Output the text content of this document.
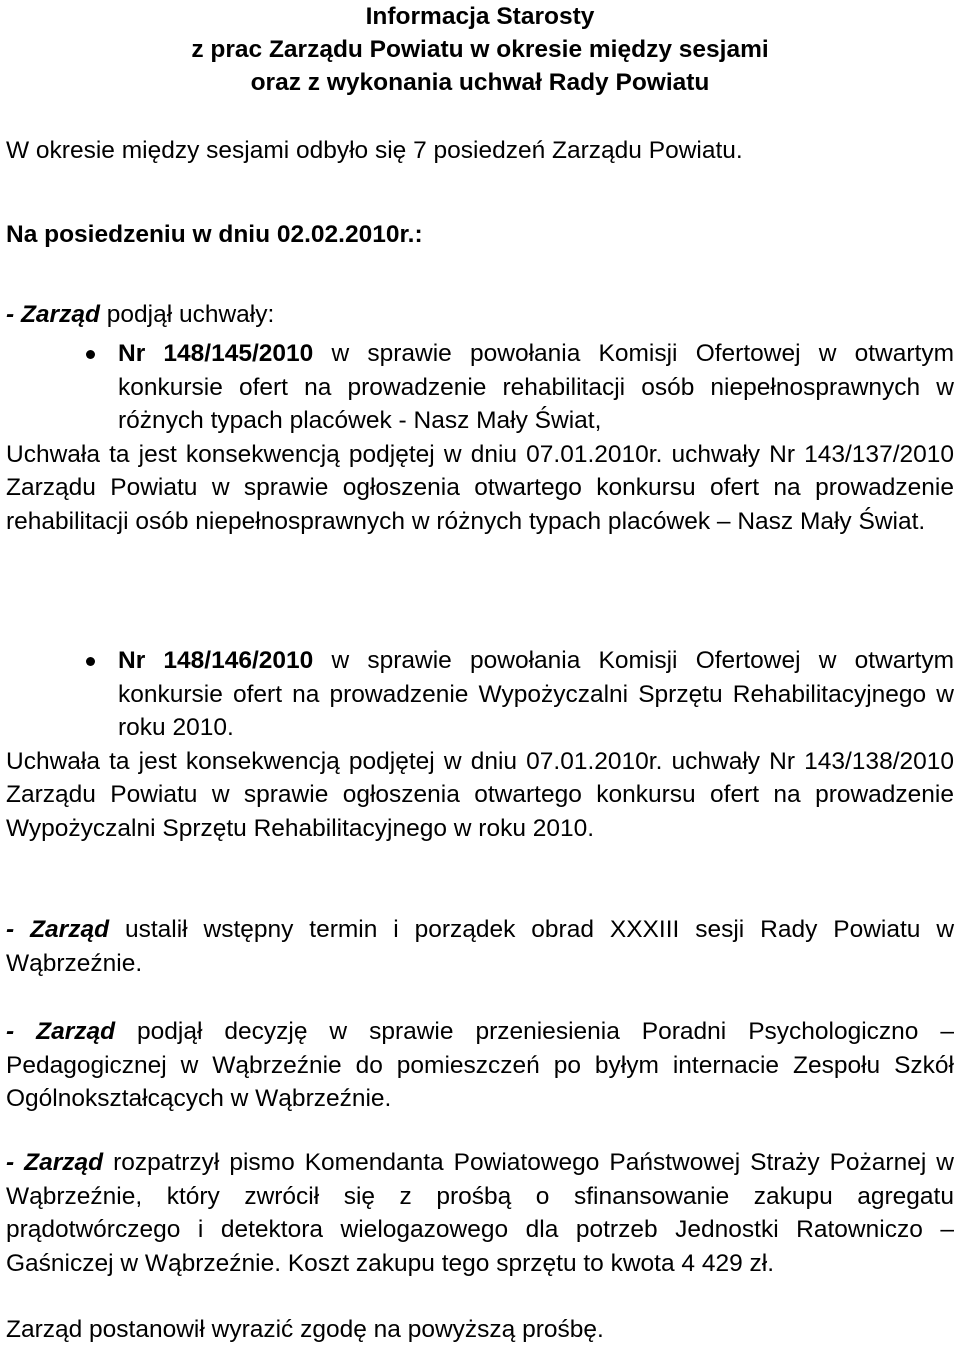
Informacja Starosty
z prac Zarządu Powiatu w okresie między sesjami
oraz z wykonania uchwał Rady Powiatu

W okresie między sesjami odbyło się 7 posiedzeń Zarządu Powiatu.

Na posiedzeniu w dniu 02.02.2010r.:

- Zarząd podjął uchwały:

Nr 148/145/2010 w sprawie powołania Komisji Ofertowej w otwartym konkursie ofert na prowadzenie rehabilitacji osób niepełnosprawnych w różnych typach placówek - Nasz Mały Świat,

Uchwała ta jest konsekwencją podjętej w dniu 07.01.2010r. uchwały Nr 143/137/2010 Zarządu Powiatu w sprawie ogłoszenia otwartego konkursu ofert na prowadzenie rehabilitacji osób niepełnosprawnych w różnych typach placówek – Nasz Mały Świat.

Nr 148/146/2010 w sprawie powołania Komisji Ofertowej w otwartym konkursie ofert na prowadzenie Wypożyczalni Sprzętu Rehabilitacyjnego w roku 2010.

Uchwała ta jest konsekwencją podjętej w dniu 07.01.2010r. uchwały Nr 143/138/2010 Zarządu Powiatu w sprawie ogłoszenia otwartego konkursu ofert na prowadzenie Wypożyczalni Sprzętu Rehabilitacyjnego w roku 2010.

- Zarząd ustalił wstępny termin i porządek obrad XXXIII sesji Rady Powiatu w Wąbrzeźnie.

- Zarząd podjął decyzję w sprawie przeniesienia Poradni Psychologiczno – Pedagogicznej w Wąbrzeźnie do pomieszczeń po byłym internacie Zespołu Szkół Ogólnokształcących w Wąbrzeźnie.

- Zarząd rozpatrzył pismo Komendanta Powiatowego Państwowej Straży Pożarnej w Wąbrzeźnie, który zwrócił się z prośbą o sfinansowanie zakupu agregatu prądotwórczego i detektora wielogazowego dla potrzeb Jednostki Ratowniczo – Gaśniczej w Wąbrzeźnie. Koszt zakupu tego sprzętu to kwota 4 429 zł.

Zarząd postanowił wyrazić zgodę na powyższą prośbę.
